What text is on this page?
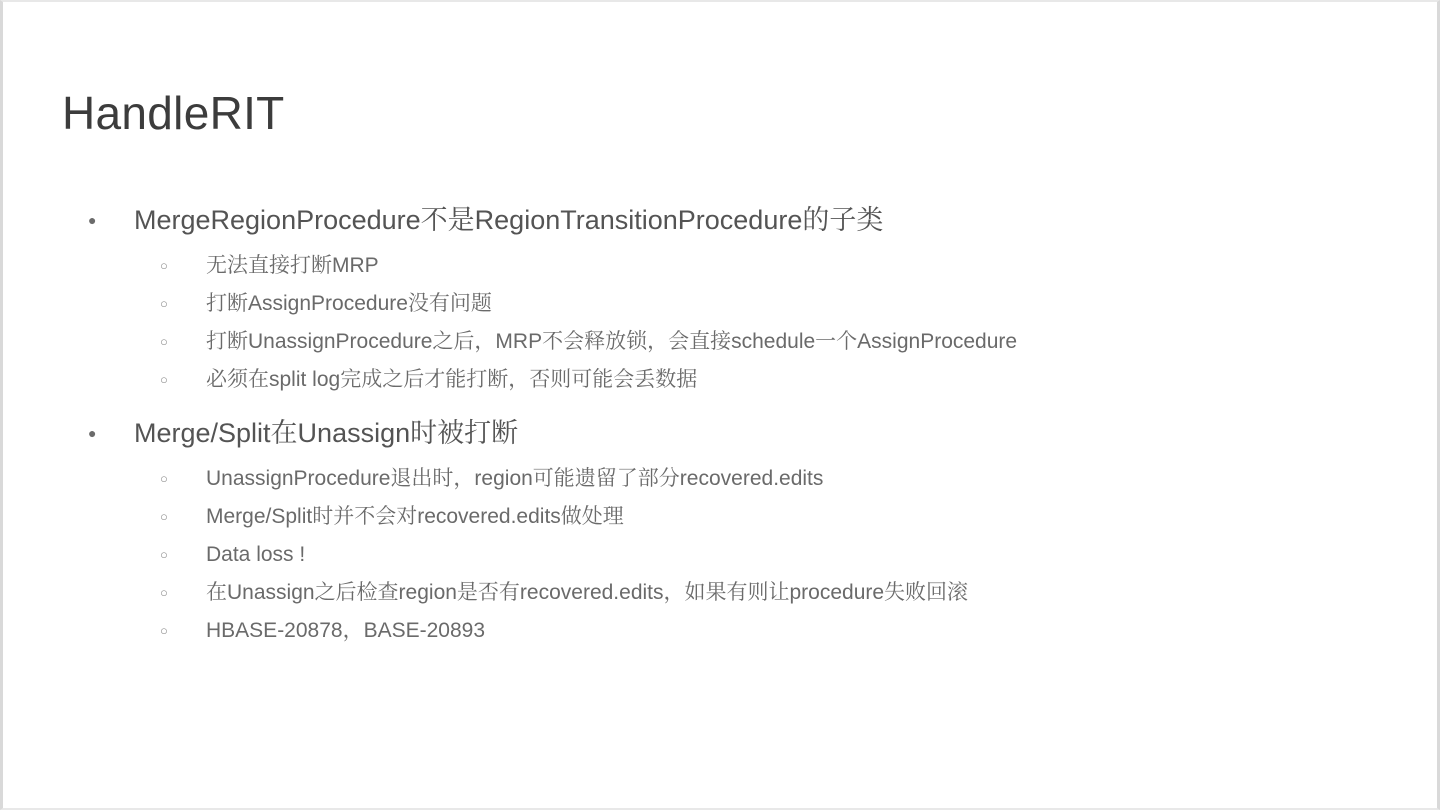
HandleRIT
● MergeRegionProcedure不是RegionTransitionProcedure的子类
○ 无法直接打断MRP
○ 打断AssignProcedure没有问题
○ 打断UnassignProcedure之后，MRP不会释放锁，会直接schedule一个AssignProcedure
○ 必须在split log完成之后才能打断，否则可能会丢数据
● Merge/Split在Unassign时被打断
○ UnassignProcedure退出时，region可能遗留了部分recovered.edits
○ Merge/Split时并不会对recovered.edits做处理
○ Data loss !
○ 在Unassign之后检查region是否有recovered.edits，如果有则让procedure失败回滚
○ HBASE-20878，BASE-20893
